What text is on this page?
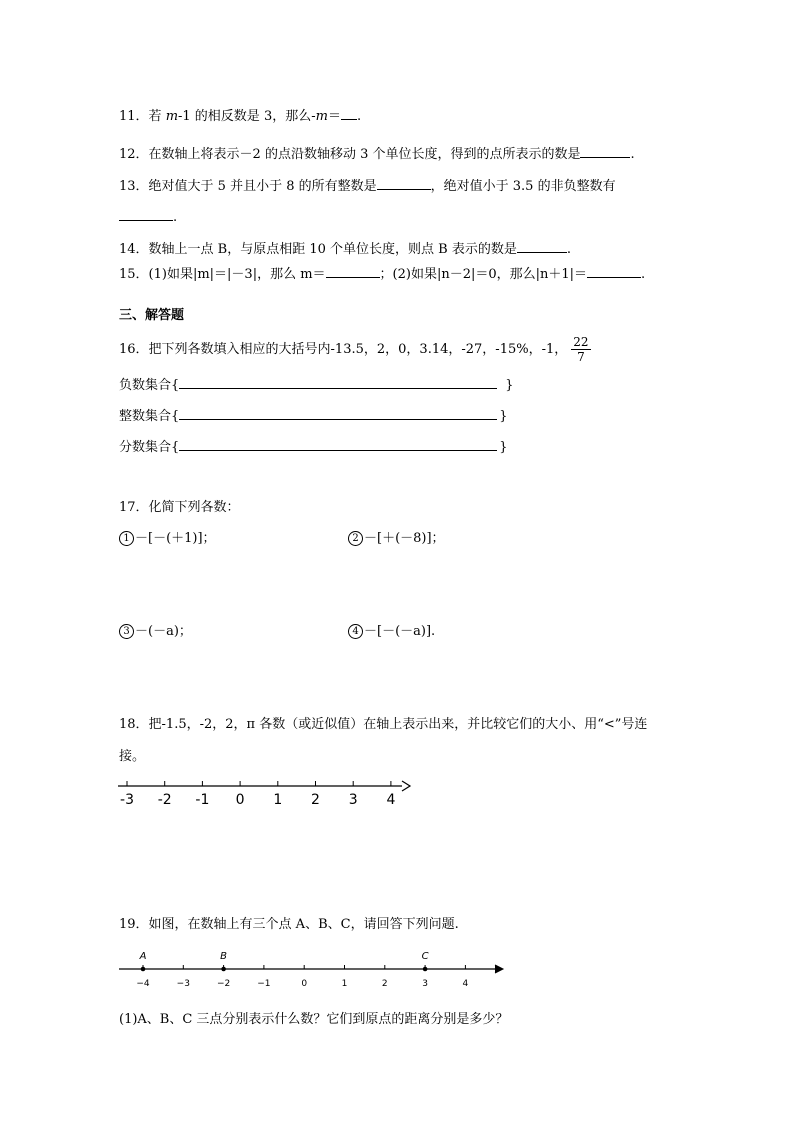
11．若 m-1 的相反数是 3，那么-m＝ .
12．在数轴上将表示－2 的点沿数轴移动 3 个单位长度，得到的点所表示的数是	.
13．绝对值大于 5 并且小于 8 的所有整数是	，绝对值小于 3.5 的非负整数有
.
14．数轴上一点 B，与原点相距 10 个单位长度，则点 B 表示的数是	.
15．(1)如果|m|＝|－3|，那么 m＝	；(2)如果|n－2|＝0，那么|n＋1|＝	.
三、解答题
16．把下列各数填入相应的大括号内-13.5，2，0，3.14，-27，-15%，-1， $\frac{22}{7}$
负数集合{	}
整数集合{	}
分数集合{	}
17．化简下列各数：
1 －[－(＋1)]；	2 －[＋(－8)]；
3 －(－a)；	4 －[－(－a)].
18．把-1.5，-2，2，π 各数（或近似值）在轴上表示出来，并比较它们的大小、用“<”号连
接。
-3 -2 -1 0 1 2 3 4
19．如图，在数轴上有三个点 A、B、C，请回答下列问题.
−4	−3	−2	−1	0	1	2	3	4
A	B	C
(1)A、B、C 三点分别表示什么数？它们到原点的距离分别是多少？
